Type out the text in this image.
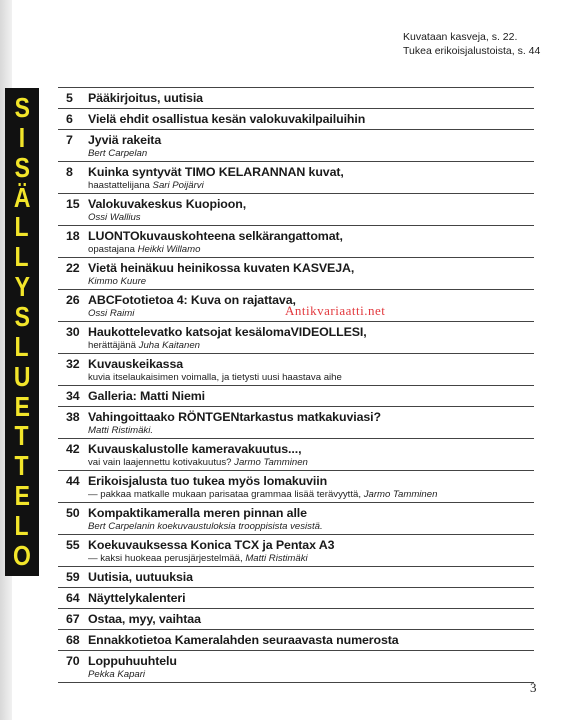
S
I
S
Ä
L
L
Y
S
L
U
E
T
T
E
L
O
Kuvataan kasveja, s. 22.
Tukea erikoisjalustoista, s. 44
5 Pääkirjoitus, uutisia
6 Vielä ehdit osallistua kesän valokuvakilpailuihin
7 Jyviä rakeita
Bert Carpelan
8 Kuinka syntyvät TIMO KELARANNAN kuvat,
haastattelijana Sari Poijärvi
15 Valokuvakeskus Kuopioon,
Ossi Wallius
18 LUONTOkuvauskohteena selkärangattomat,
opastajana Heikki Willamo
22 Vietä heinäkuu heinikossa kuvaten KASVEJA,
Kimmo Kuure
26 ABCFototietoa 4: Kuva on rajattava,
Ossi Raimi
30 Haukottelevatko katsojat kesälomaVIDEOLLESI,
herättäjänä Juha Kaitanen
32 Kuvauskeikassa
kuvia itselaukaisimen voimalla, ja tietysti uusi haastava aihe
34 Galleria: Matti Niemi
38 Vahingoittaako RÖNTGENtarkastus matkakuviasi?
Matti Ristimäki.
42 Kuvauskalustolle kameravakuutus...,
vai vain laajennettu kotivakuutus? Jarmo Tamminen
44 Erikoisjalusta tuo tukea myös lomakuviin
— pakkaa matkalle mukaan parisataa grammaa lisää terävyyttä, Jarmo Tamminen
50 Kompaktikameralla meren pinnan alle
Bert Carpelanin koekuvaustuloksia trooppisista vesistä.
55 Koekuvauksessa Konica TCX ja Pentax A3
— kaksi huokeaa perusjärjestelmää, Matti Ristimäki
59 Uutisia, uutuuksia
64 Näyttelykalenteri
67 Ostaa, myy, vaihtaa
68 Ennakkotietoa Kameralahden seuraavasta numerosta
70 Loppuhuuhtelu
Pekka Kapari
Antikvariaatti.net
3
